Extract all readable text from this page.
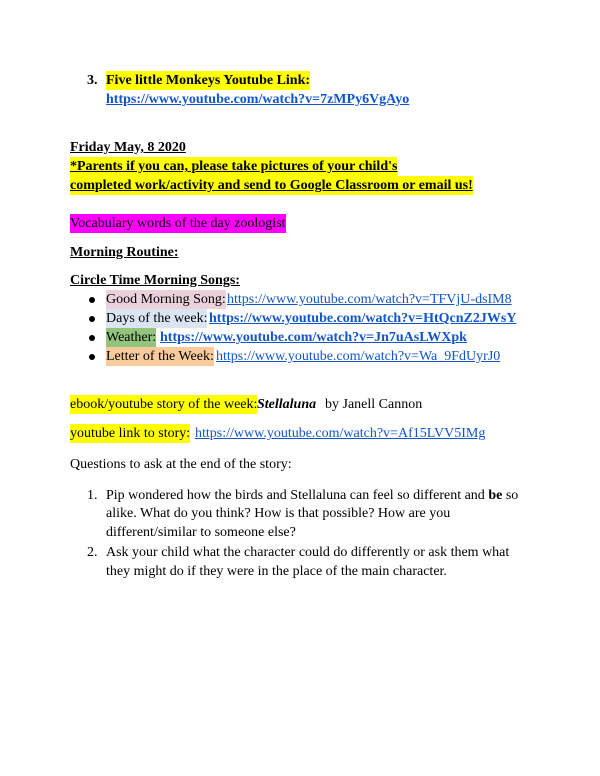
3. Five little Monkeys Youtube Link:
https://www.youtube.com/watch?v=7zMPy6VgAyo
Friday May, 8 2020
*Parents if you can, please take pictures of your child's
completed work/activity and send to Google Classroom or email us!
Vocabulary words of the day zoologist
Morning Routine:
Circle Time Morning Songs:
Good Morning Song: https://www.youtube.com/watch?v=TFVjU-dsIM8
Days of the week: https://www.youtube.com/watch?v=HtQcnZ2JWsY
Weather: https://www.youtube.com/watch?v=Jn7uAsLWXpk
Letter of the Week: https://www.youtube.com/watch?v=Wa_9FdUyrJ0
ebook/youtube story of the week: Stellaluna by Janell Cannon
youtube link to story: https://www.youtube.com/watch?v=Af15LVV5IMg
Questions to ask at the end of the story:
1. Pip wondered how the birds and Stellaluna can feel so different and be so
alike. What do you think? How is that possible? How are you
different/similar to someone else?
2. Ask your child what the character could do differently or ask them what
they might do if they were in the place of the main character.
